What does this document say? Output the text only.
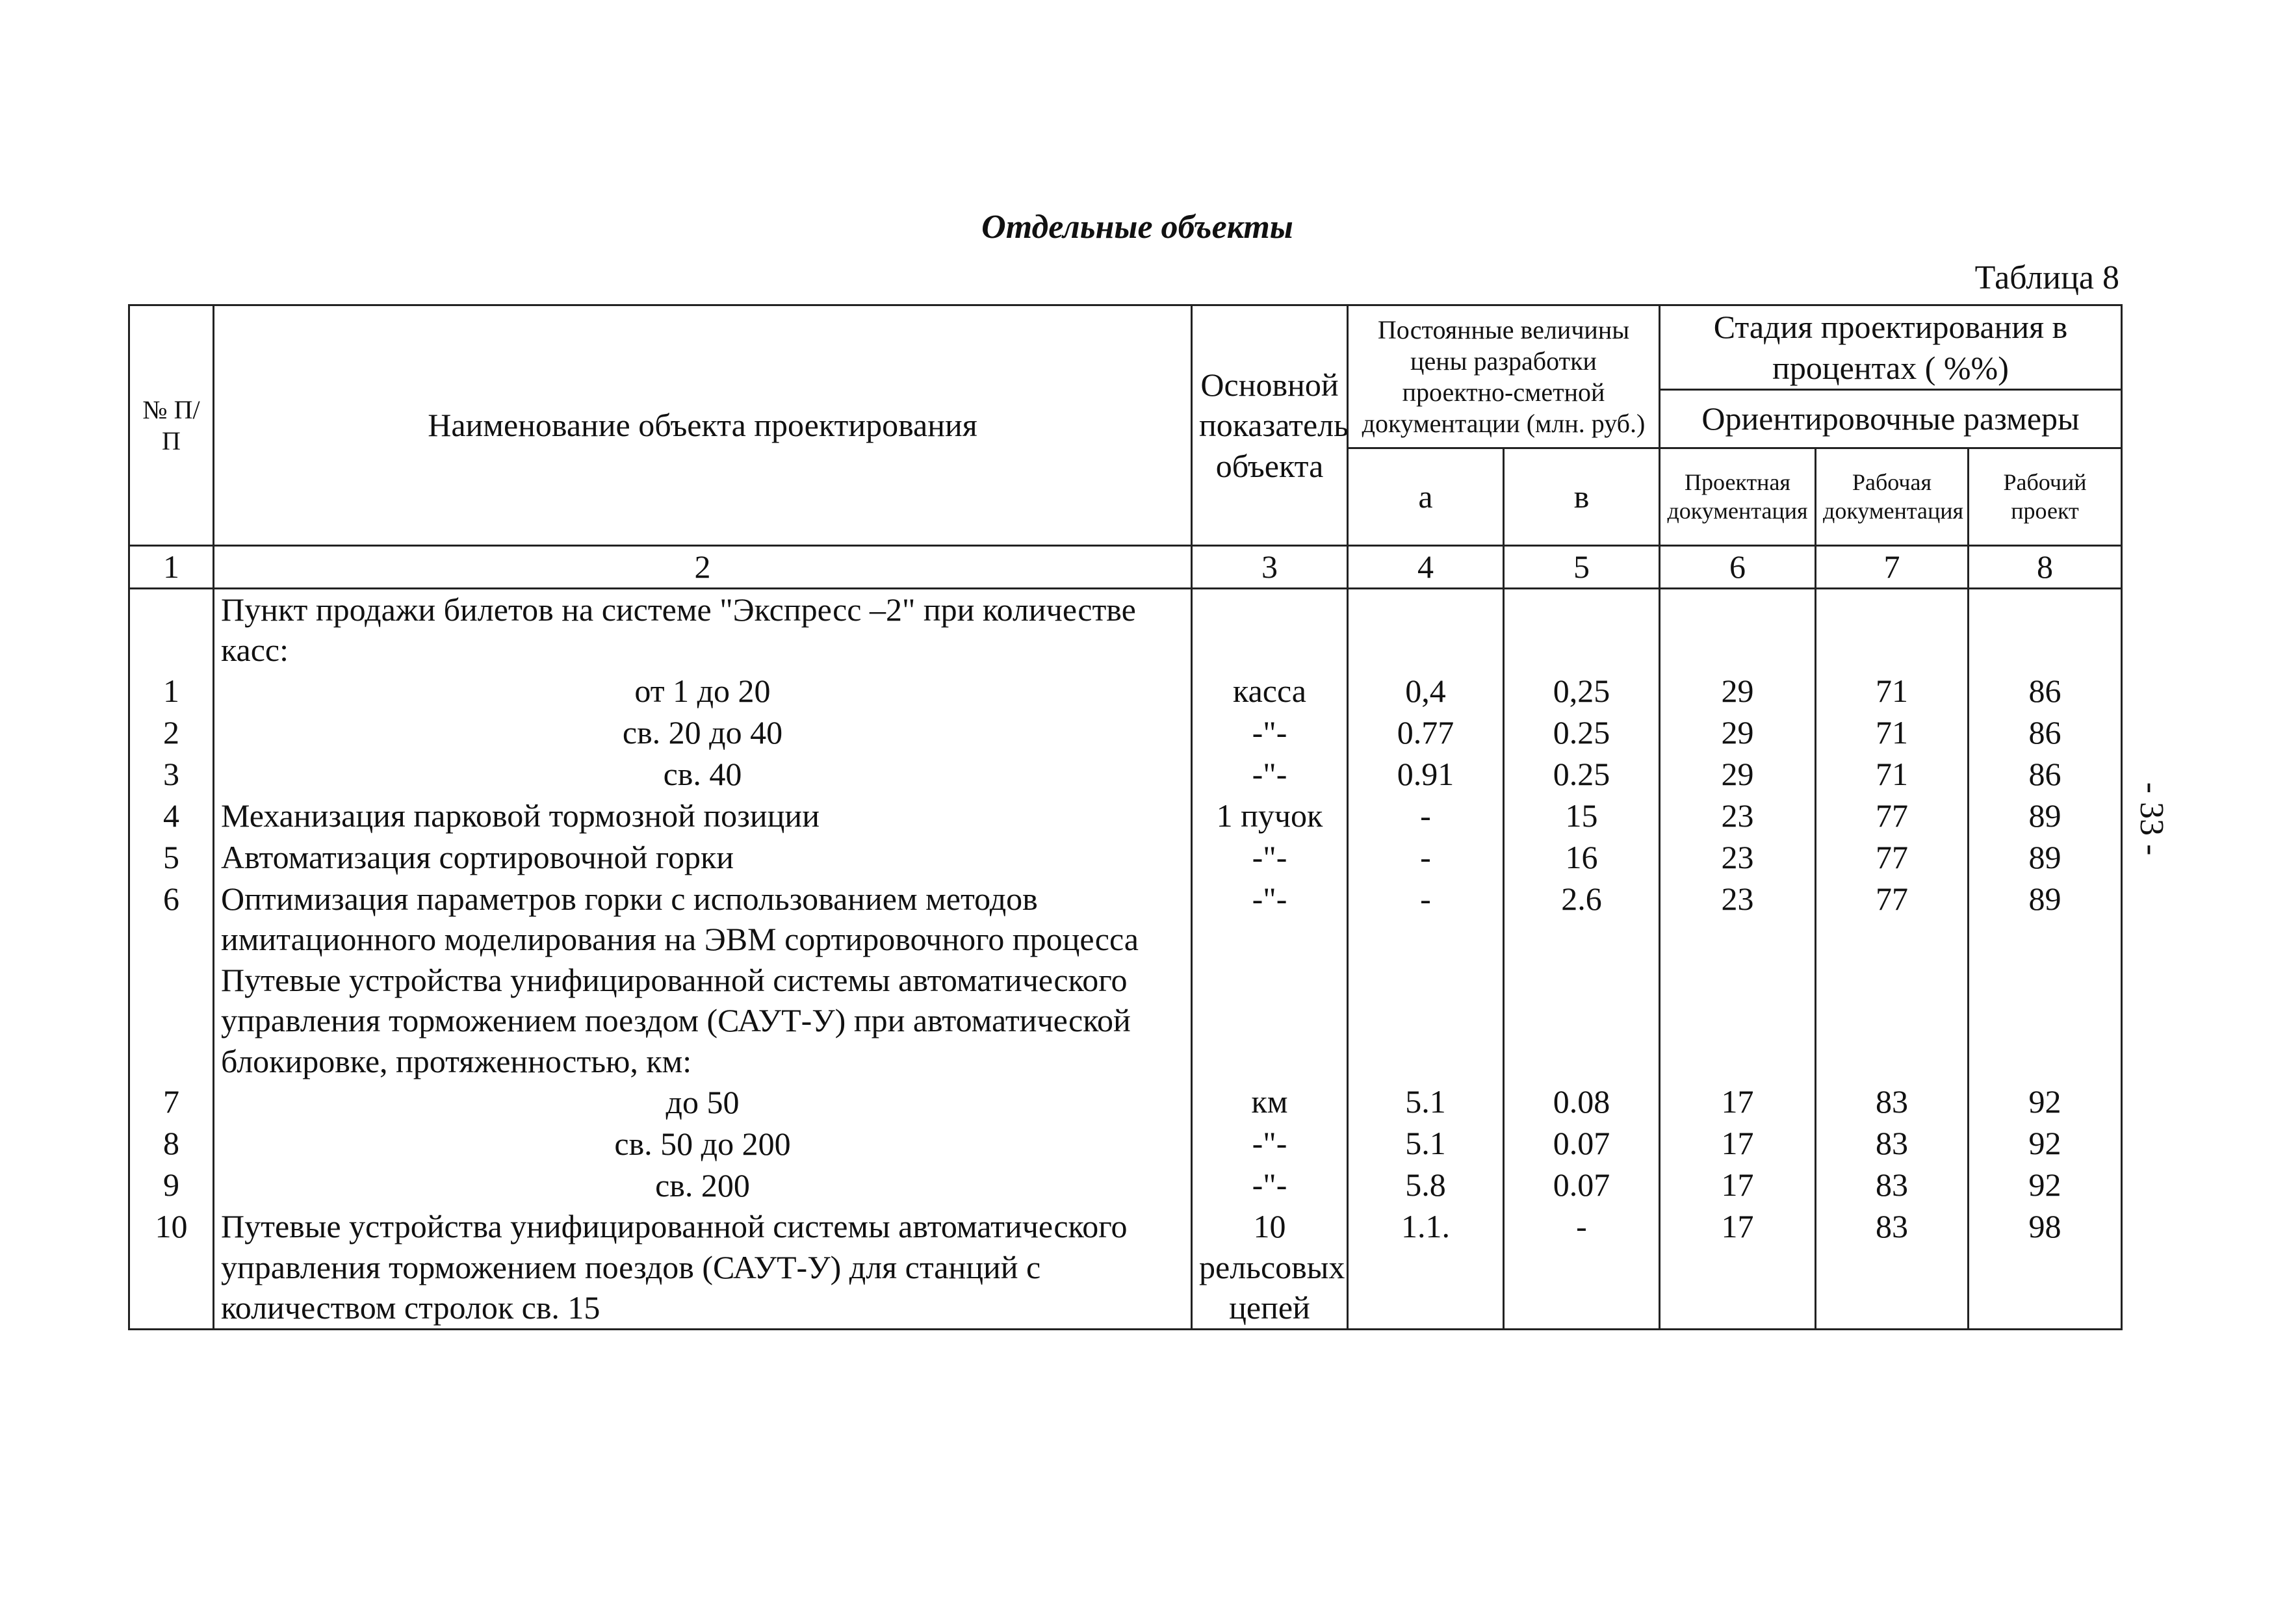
Отдельные объекты
Таблица 8
- 33 -
№ П/П	Наименование объекта проектирования	Основной показатель объекта	Постоянные величины цены разработки проектно-сметной документации (млн. руб.)		Стадия проектирования в процентах ( %%)		
					Ориентировочные размеры		
			а	в	Проектная документация	Рабочая документация	Рабочий проект
1	2	3	4	5	6	7	8
	Пункт продажи билетов на системе "Экспресс –2" при количестве касс:						
1	от 1 до 20	касса	0,4	0,25	29	71	86
2	св. 20 до 40	-"-	0.77	0.25	29	71	86
3	св. 40	-"-	0.91	0.25	29	71	86
4	Механизация парковой тормозной позиции	1 пучок	-	15	23	77	89
5	Автоматизация сортировочной горки	-"-	-	16	23	77	89
6	Оптимизация параметров горки с использованием методов имитационного моделирования на ЭВМ сортировочного процесса	-"-	-	2.6	23	77	89
	Путевые устройства унифицированной системы автоматического управления торможением поездом (САУТ-У) при автоматической блокировке, протяженностью, км:						
7	до 50	км	5.1	0.08	17	83	92
8	св. 50 до 200	-"-	5.1	0.07	17	83	92
9	св. 200	-"-	5.8	0.07	17	83	92
10	Путевые устройства унифицированной системы автоматического управления торможением поездов (САУТ-У) для станций с количеством стролок св. 15	10 рельсовых цепей	1.1.	-	17	83	98
